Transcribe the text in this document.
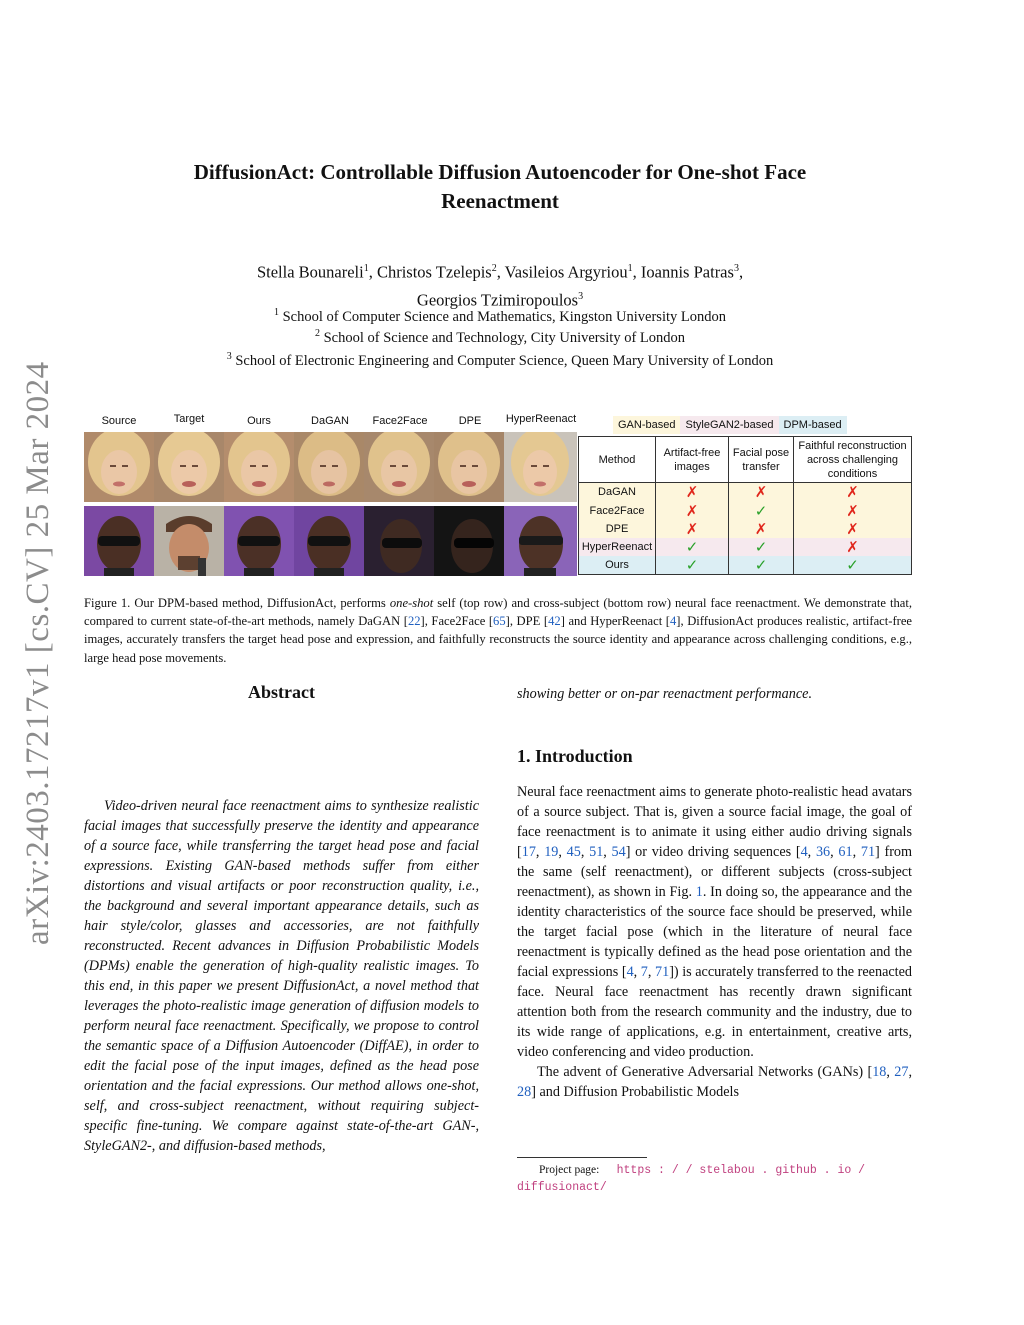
arXiv:2403.17217v1 [cs.CV] 25 Mar 2024
DiffusionAct: Controllable Diffusion Autoencoder for One-shot Face
Reenactment
Stella Bounareli$^1$, Christos Tzelepis$^2$, Vasileios Argyriou$^1$, Ioannis Patras$^3$,
Georgios Tzimiropoulos$^3$
$^1$ School of Computer Science and Mathematics, Kingston University London
$^2$ School of Science and Technology, City University of London
$^3$ School of Electronic Engineering and Computer Science, Queen Mary University of London
Source	Target	Ours	DaGAN	Face2Face	DPE	HyperReenact	GAN-based StyleGAN2-based DPM-based
Method	Artifact-free images	Facial pose transfer	Faithful reconstruction across challenging conditions
DaGAN	✗	✗	✗
Face2Face	✗	✓	✗
DPE	✗	✗	✗
HyperReenact	✓	✓	✗
Ours	✓	✓	✓
Figure 1. Our DPM-based method, DiffusionAct, performs one-shot self (top row) and cross-subject (bottom row) neural face reenactment. We demonstrate that, compared to current state-of-the-art methods, namely DaGAN [22], Face2Face [65], DPE [42] and HyperReenact [4], DiffusionAct produces realistic, artifact-free images, accurately transfers the target head pose and expression, and faithfully reconstructs the source identity and appearance across challenging conditions, e.g., large head pose movements.
Abstract
Video-driven neural face reenactment aims to synthesize realistic facial images that successfully preserve the identity and appearance of a source face, while transferring the target head pose and facial expressions. Existing GAN-based methods suffer from either distortions and visual artifacts or poor reconstruction quality, i.e., the background and several important appearance details, such as hair style/color, glasses and accessories, are not faithfully reconstructed. Recent advances in Diffusion Probabilistic Models (DPMs) enable the generation of high-quality realistic images. To this end, in this paper we present DiffusionAct, a novel method that leverages the photo-realistic image generation of diffusion models to perform neural face reenactment. Specifically, we propose to control the semantic space of a Diffusion Autoencoder (DiffAE), in order to edit the facial pose of the input images, defined as the head pose orientation and the facial expressions. Our method allows one-shot, self, and cross-subject reenactment, without requiring subject-specific fine-tuning. We compare against state-of-the-art GAN-, StyleGAN2-, and diffusion-based methods,
showing better or on-par reenactment performance.
1. Introduction

Neural face reenactment aims to generate photo-realistic head avatars of a source subject. That is, given a source facial image, the goal of face reenactment is to animate it using either audio driving signals [17, 19, 45, 51, 54] or video driving sequences [4, 36, 61, 71] from the same (self reenactment), or different subjects (cross-subject reenactment), as shown in Fig. 1. In doing so, the appearance and the identity characteristics of the source face should be preserved, while the target facial pose (which in the literature of neural face reenactment is typically defined as the head pose orientation and the facial expressions [4, 7, 71]) is accurately transferred to the reenacted face. Neural face reenactment has recently drawn significant attention both from the research community and the industry, due to its wide range of applications, e.g. in entertainment, creative arts, video conferencing and video production.

The advent of Generative Adversarial Networks (GANs) [18, 27, 28] and Diffusion Probabilistic Models

Project page: https : / / stelabou . github . io /
diffusionact/
